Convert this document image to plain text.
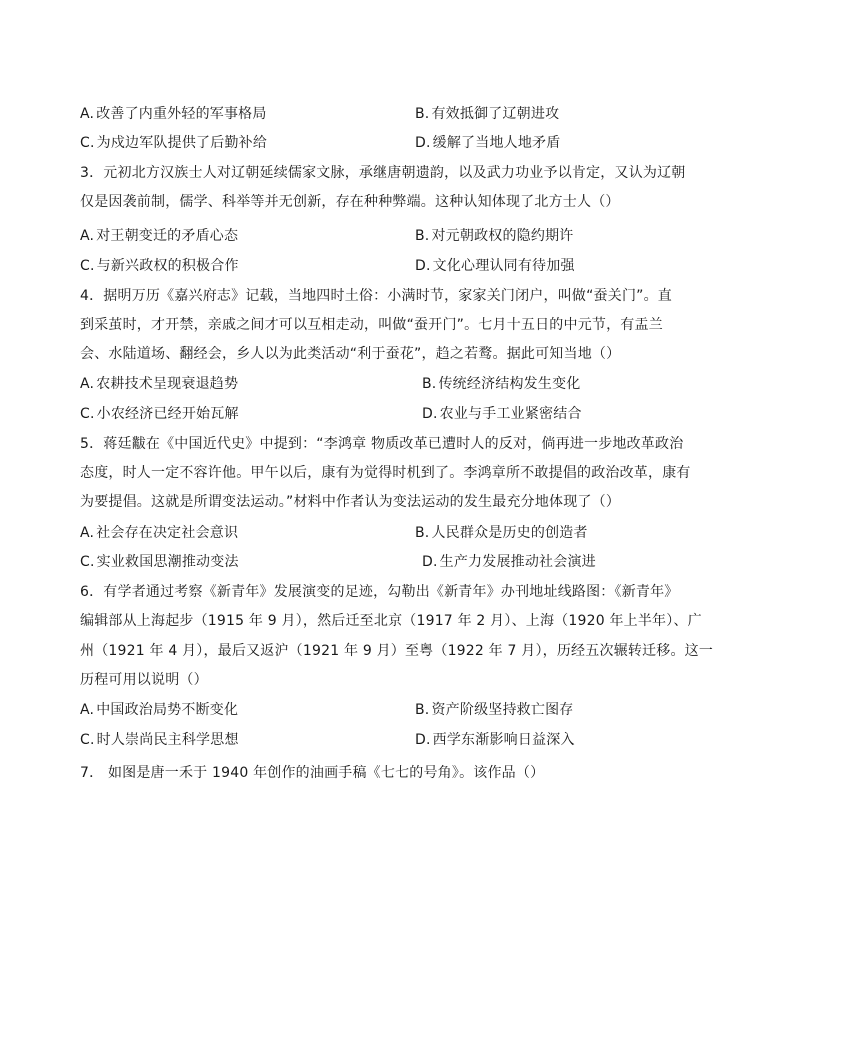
A. 改善了内重外轻的军事格局	B. 有效抵御了辽朝进攻
C. 为戍边军队提供了后勤补给	D. 缓解了当地人地矛盾
3．元初北方汉族士人对辽朝延续儒家文脉，承继唐朝遗韵，以及武力功业予以肯定，又认为辽朝
仅是因袭前制，儒学、科举等并无创新，存在种种弊端。这种认知体现了北方士人（）
A. 对王朝变迁的矛盾心态	B. 对元朝政权的隐约期许
C. 与新兴政权的积极合作	D. 文化心理认同有待加强
4．据明万历《嘉兴府志》记载，当地四时土俗：小满时节，家家关门闭户，叫做“蚕关门”。直
到采茧时，才开禁，亲戚之间才可以互相走动，叫做“蚕开门”。七月十五日的中元节，有盂兰
会、水陆道场、翻经会，乡人以为此类活动“利于蚕花”，趋之若鹜。据此可知当地（）
A. 农耕技术呈现衰退趋势	B. 传统经济结构发生变化
C. 小农经济已经开始瓦解	D. 农业与手工业紧密结合
5．蒋廷黻在《中国近代史》中提到：“李鸿章 物质改革已遭时人的反对，倘再进一步地改革政治
态度，时人一定不容许他。甲午以后，康有为觉得时机到了。李鸿章所不敢提倡的政治改革，康有
为要提倡。这就是所谓变法运动。”材料中作者认为变法运动的发生最充分地体现了（）
A. 社会存在决定社会意识	B. 人民群众是历史的创造者
C. 实业救国思潮推动变法	D. 生产力发展推动社会演进
6．有学者通过考察《新青年》发展演变的足迹，勾勒出《新青年》办刊地址线路图：《新青年》
编辑部从上海起步（1915 年 9 月），然后迁至北京（1917 年 2 月）、上海（1920 年上半年）、广
州（1921 年 4 月），最后又返沪（1921 年 9 月）至粤（1922 年 7 月），历经五次辗转迁移。这一
历程可用以说明（）
A. 中国政治局势不断变化	B. 资产阶级坚持救亡图存
C. 时人崇尚民主科学思想	D. 西学东渐影响日益深入
7． 如图是唐一禾于 1940 年创作的油画手稿《七七的号角》。该作品（）
